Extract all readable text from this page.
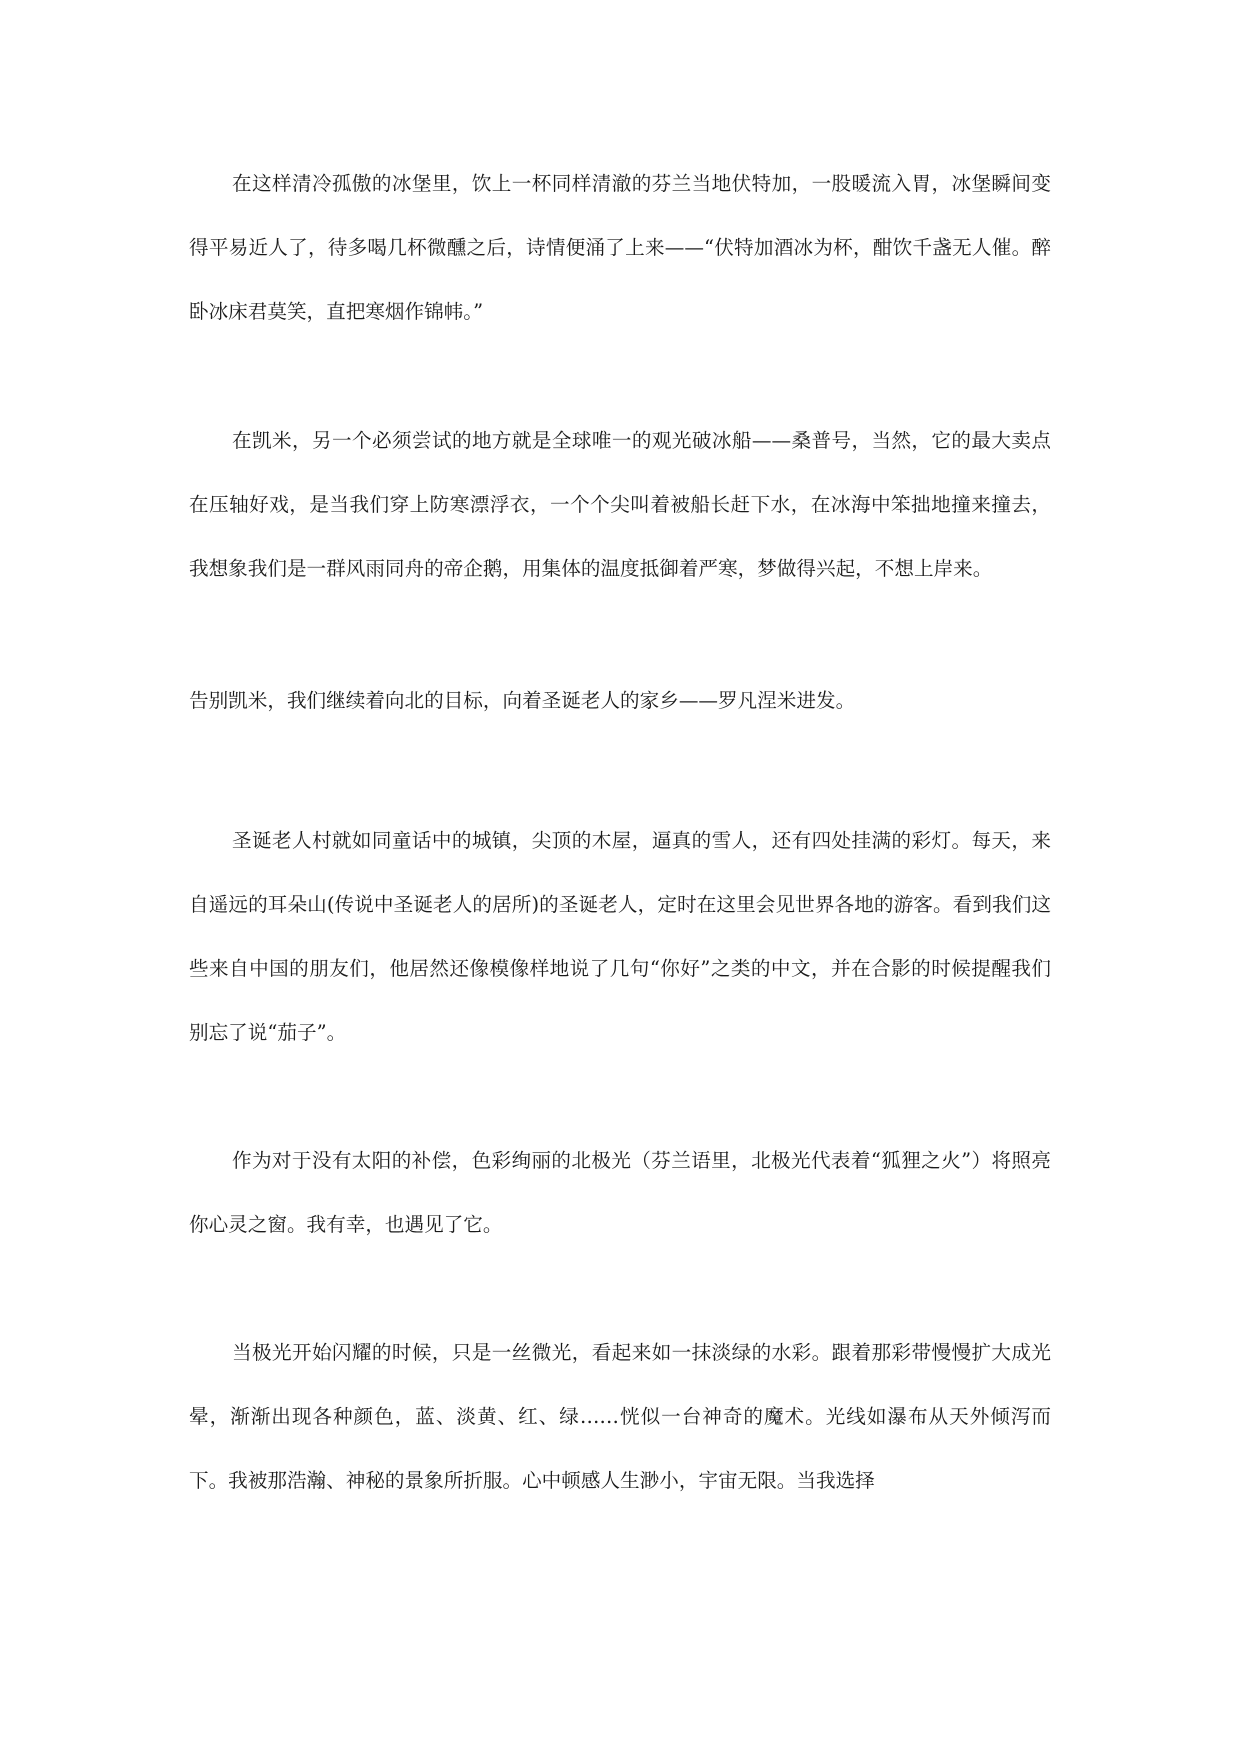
在这样清冷孤傲的冰堡里，饮上一杯同样清澈的芬兰当地伏特加，一股暖流入胃，冰堡瞬间变得平易近人了，待多喝几杯微醺之后，诗情便涌了上来——“伏特加酒冰为杯，酣饮千盏无人催。醉卧冰床君莫笑，直把寒烟作锦帏。”

在凯米，另一个必须尝试的地方就是全球唯一的观光破冰船——桑普号，当然，它的最大卖点在压轴好戏，是当我们穿上防寒漂浮衣，一个个尖叫着被船长赶下水，在冰海中笨拙地撞来撞去，我想象我们是一群风雨同舟的帝企鹅，用集体的温度抵御着严寒，梦做得兴起，不想上岸来。

告别凯米，我们继续着向北的目标，向着圣诞老人的家乡——罗凡涅米进发。

圣诞老人村就如同童话中的城镇，尖顶的木屋，逼真的雪人，还有四处挂满的彩灯。每天，来自遥远的耳朵山(传说中圣诞老人的居所)的圣诞老人，定时在这里会见世界各地的游客。看到我们这些来自中国的朋友们，他居然还像模像样地说了几句“你好”之类的中文，并在合影的时候提醒我们别忘了说“茄子”。

作为对于没有太阳的补偿，色彩绚丽的北极光（芬兰语里，北极光代表着“狐狸之火”）将照亮你心灵之窗。我有幸，也遇见了它。

当极光开始闪耀的时候，只是一丝微光，看起来如一抹淡绿的水彩。跟着那彩带慢慢扩大成光晕，渐渐出现各种颜色，蓝、淡黄、红、绿……恍似一台神奇的魔术。光线如瀑布从天外倾泻而下。我被那浩瀚、神秘的景象所折服。心中顿感人生渺小，宇宙无限。当我选择
